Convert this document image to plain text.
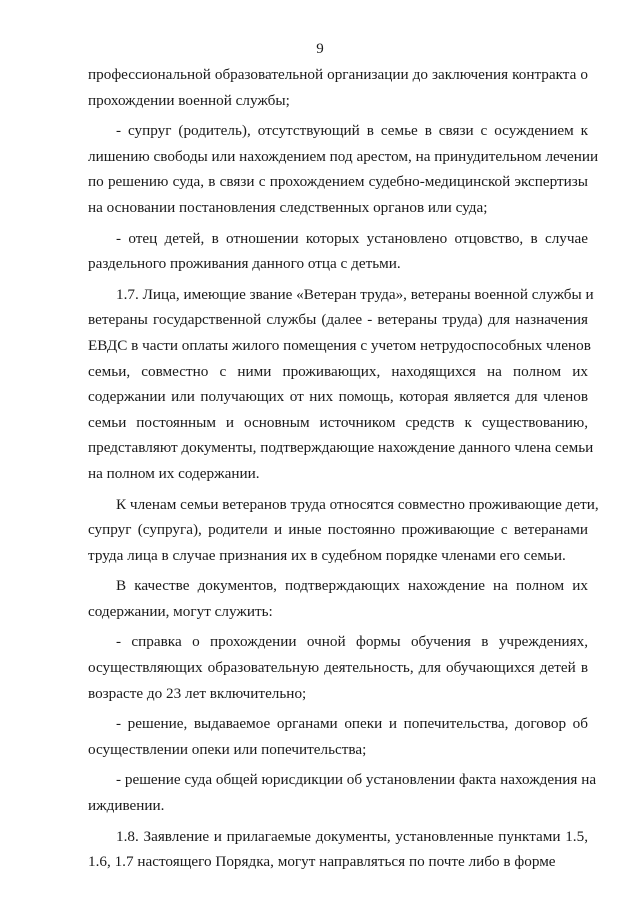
9
профессиональной образовательной организации до заключения контракта о
прохождении военной службы;
- супруг (родитель), отсутствующий в семье в связи с осуждением к
лишению свободы или нахождением под арестом, на принудительном лечении
по решению суда, в связи с прохождением судебно-медицинской экспертизы
на основании постановления следственных органов или суда;
- отец детей, в отношении которых установлено отцовство, в случае
раздельного проживания данного отца с детьми.
1.7. Лица, имеющие звание «Ветеран труда», ветераны военной службы и
ветераны государственной службы (далее - ветераны труда) для назначения
ЕВДС в части оплаты жилого помещения с учетом нетрудоспособных членов
семьи, совместно с ними проживающих, находящихся на полном их
содержании или получающих от них помощь, которая является для членов
семьи постоянным и основным источником средств к существованию,
представляют документы, подтверждающие нахождение данного члена семьи
на полном их содержании.
К членам семьи ветеранов труда относятся совместно проживающие дети,
супруг (супруга), родители и иные постоянно проживающие с ветеранами
труда лица в случае признания их в судебном порядке членами его семьи.
В качестве документов, подтверждающих нахождение на полном их
содержании, могут служить:
- справка о прохождении очной формы обучения в учреждениях,
осуществляющих образовательную деятельность, для обучающихся детей в
возрасте до 23 лет включительно;
- решение, выдаваемое органами опеки и попечительства, договор об
осуществлении опеки или попечительства;
- решение суда общей юрисдикции об установлении факта нахождения на
иждивении.
1.8. Заявление и прилагаемые документы, установленные пунктами 1.5,
1.6, 1.7 настоящего Порядка, могут направляться по почте либо в форме
